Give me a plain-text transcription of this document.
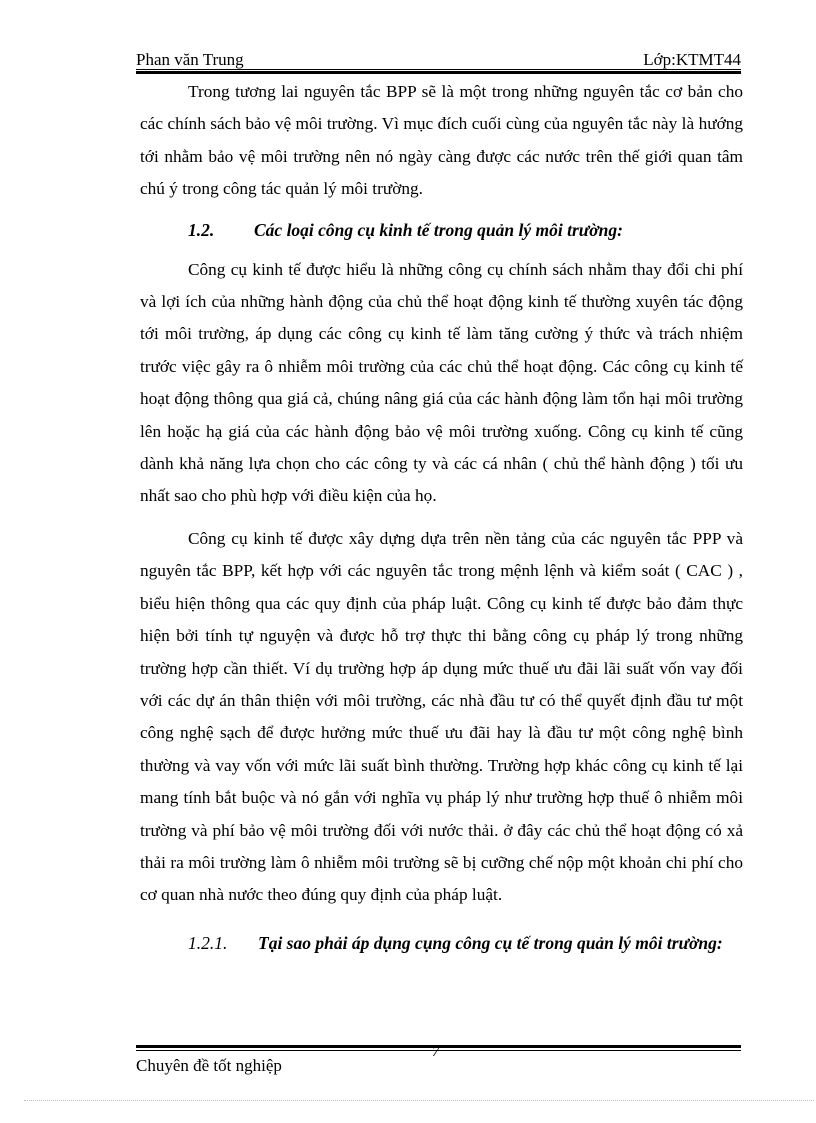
Phan văn Trung	Lớp:KTMT44

Trong tương lai nguyên tắc BPP sẽ là một trong những nguyên tắc cơ bản cho các chính sách bảo vệ môi trường. Vì mục đích cuối cùng của nguyên tắc này là hướng tới nhằm bảo vệ môi trường nên nó ngày càng được các nước trên thế giới quan tâm chú ý trong công tác quản lý môi trường.

1.2. Các loại công cụ kinh tế trong quản lý môi trường:

Công cụ kinh tế được hiểu là những công cụ chính sách nhằm thay đổi chi phí và lợi ích của những hành động của chủ thể hoạt động kinh tế thường xuyên tác động tới môi trường, áp dụng các công cụ kinh tế làm tăng cường ý thức và trách nhiệm trước việc gây ra ô nhiễm môi trường của các chủ thể hoạt động. Các công cụ kinh tế hoạt động thông qua giá cả, chúng nâng giá của các hành động làm tổn hại môi trường lên hoặc hạ giá của các hành động bảo vệ môi trường xuống. Công cụ kinh tế cũng dành khả năng lựa chọn cho các công ty và các cá nhân ( chủ thể hành động ) tối ưu nhất sao cho phù hợp với điều kiện của họ.

Công cụ kinh tế được xây dựng dựa trên nền tảng của các nguyên tắc PPP và nguyên tắc BPP, kết hợp với các nguyên tắc trong mệnh lệnh và kiểm soát ( CAC ) , biểu hiện thông qua các quy định của pháp luật. Công cụ kinh tế được bảo đảm thực hiện bởi tính tự nguyện và được hỗ trợ thực thi bằng công cụ pháp lý trong những trường hợp cần thiết. Ví dụ trường hợp áp dụng mức thuế ưu đãi lãi suất vốn vay đối với các dự án thân thiện với môi trường, các nhà đầu tư có thể quyết định đầu tư một công nghệ sạch để được hưởng mức thuế ưu đãi hay là đầu tư một công nghệ bình thường và vay vốn với mức lãi suất bình thường. Trường hợp khác công cụ kinh tế lại mang tính bắt buộc và nó gắn với nghĩa vụ pháp lý như trường hợp thuế ô nhiễm môi trường và phí bảo vệ môi trường đối với nước thải. ở đây các chủ thể hoạt động có xả thải ra môi trường làm ô nhiễm môi trường sẽ bị cưỡng chế nộp một khoản chi phí cho cơ quan nhà nước theo đúng quy định của pháp luật.

1.2.1. Tại sao phải áp dụng cụng công cụ tế trong quản lý môi trường:

7
Chuyên đề tốt nghiệp
